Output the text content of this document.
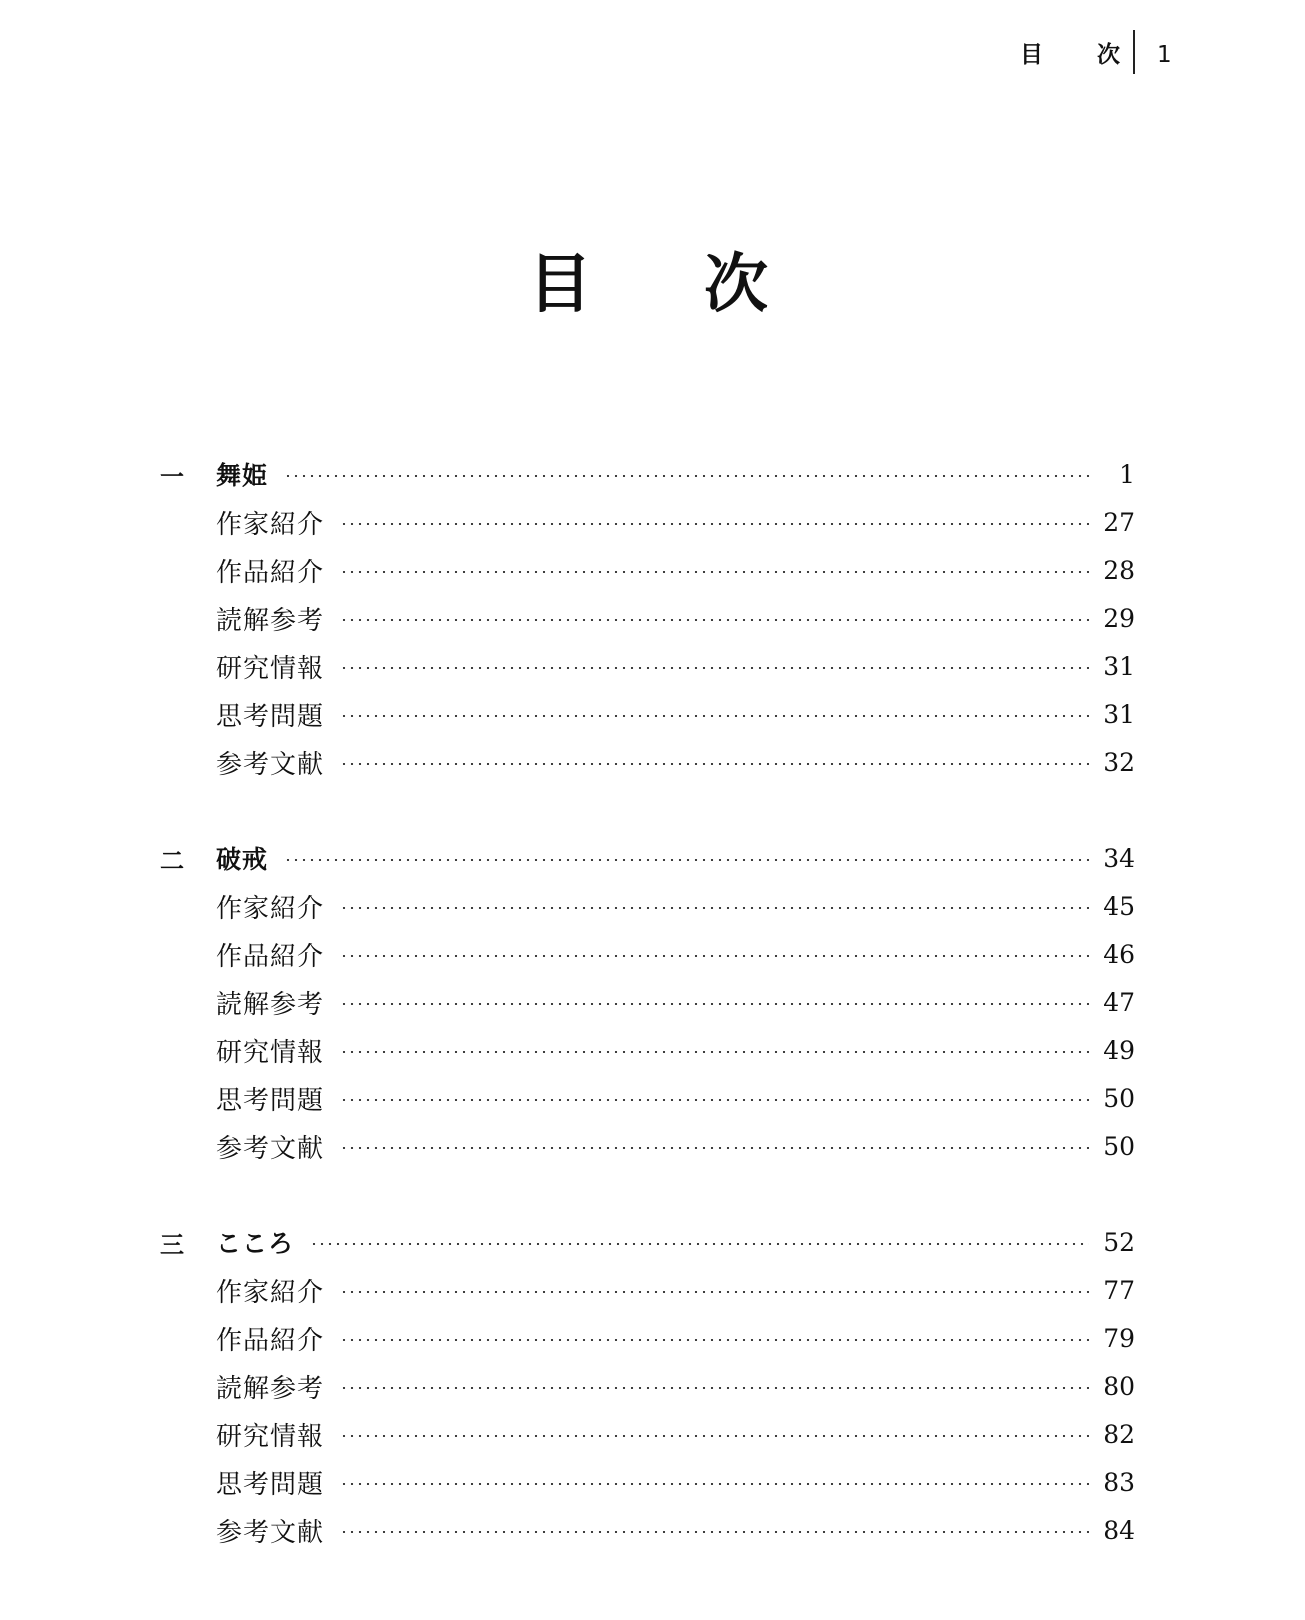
目 次 1
目 次
一	舞姫	1
作家紹介	27
作品紹介	28
読解参考	29
研究情報	31
思考問題	31
参考文献	32
二	破戒	34
作家紹介	45
作品紹介	46
読解参考	47
研究情報	49
思考問題	50
参考文献	50
三	こころ	52
作家紹介	77
作品紹介	79
読解参考	80
研究情報	82
思考問題	83
参考文献	84
